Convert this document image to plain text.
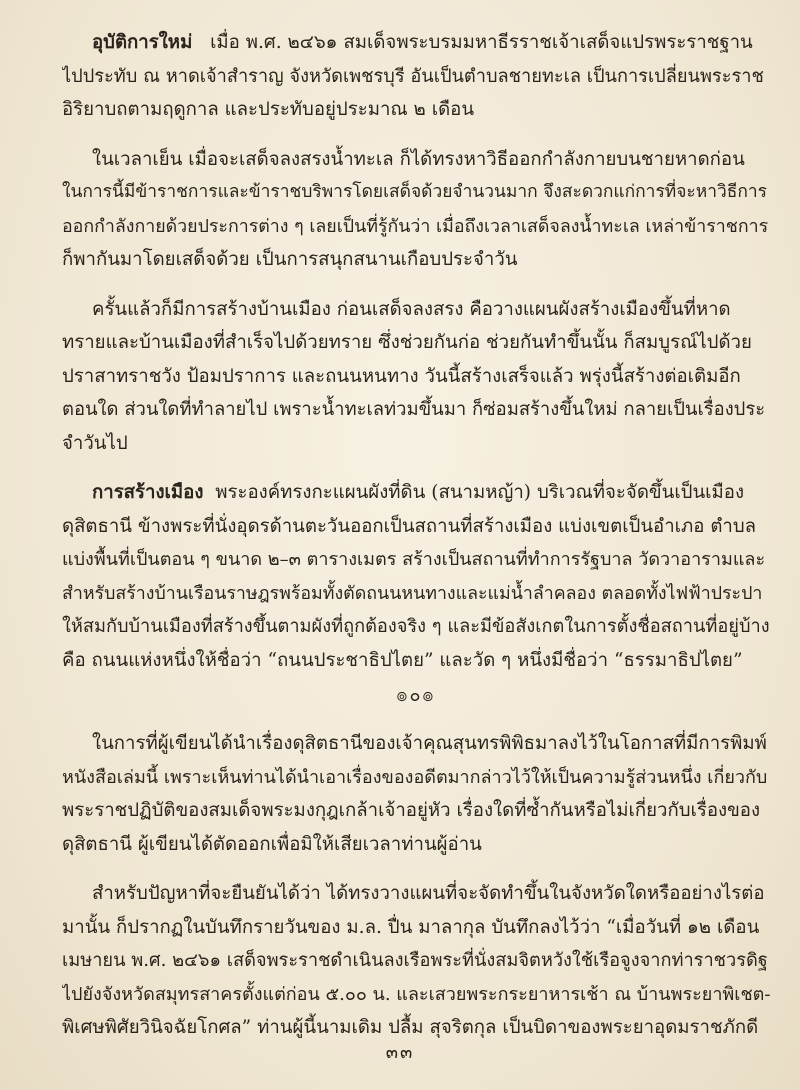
อุบัติการใหม่ เมื่อ พ.ศ. ๒๔๖๑ สมเด็จพระบรมมหาธีรราชเจ้าเสด็จแปรพระราชฐาน
ไปประทับ ณ หาดเจ้าสำราญ จังหวัดเพชรบุรี อันเป็นตำบลชายทะเล เป็นการเปลี่ยนพระราช
อิริยาบถตามฤดูกาล และประทับอยู่ประมาณ ๒ เดือน

ในเวลาเย็น เมื่อจะเสด็จลงสรงน้ำทะเล ก็ได้ทรงหาวิธีออกกำลังกายบนชายหาดก่อน
ในการนี้มีข้าราชการและข้าราชบริพารโดยเสด็จด้วยจำนวนมาก จึงสะดวกแก่การที่จะหาวิธีการ
ออกกำลังกายด้วยประการต่าง ๆ เลยเป็นที่รู้กันว่า เมื่อถึงเวลาเสด็จลงน้ำทะเล เหล่าข้าราชการ
ก็พากันมาโดยเสด็จด้วย เป็นการสนุกสนานเกือบประจำวัน

ครั้นแล้วก็มีการสร้างบ้านเมือง ก่อนเสด็จลงสรง คือวางแผนผังสร้างเมืองขึ้นที่หาด
ทรายและบ้านเมืองที่สำเร็จไปด้วยทราย ซึ่งช่วยกันก่อ ช่วยกันทำขึ้นนั้น ก็สมบูรณ์ไปด้วย
ปราสาทราชวัง ป้อมปราการ และถนนหนทาง วันนี้สร้างเสร็จแล้ว พรุ่งนี้สร้างต่อเติมอีก
ตอนใด ส่วนใดที่ทำลายไป เพราะน้ำทะเลท่วมขึ้นมา ก็ซ่อมสร้างขึ้นใหม่ กลายเป็นเรื่องประ
จำวันไป

การสร้างเมือง พระองค์ทรงกะแผนผังที่ดิน (สนามหญ้า) บริเวณที่จะจัดขึ้นเป็นเมือง
ดุสิตธานี ข้างพระที่นั่งอุดรด้านตะวันออกเป็นสถานที่สร้างเมือง แบ่งเขตเป็นอำเภอ ตำบล
แบ่งพื้นที่เป็นตอน ๆ ขนาด ๒–๓ ตารางเมตร สร้างเป็นสถานที่ทำการรัฐบาล วัดวาอารามและ
สำหรับสร้างบ้านเรือนราษฎรพร้อมทั้งตัดถนนหนทางและแม่น้ำลำคลอง ตลอดทั้งไฟฟ้าประปา
ให้สมกับบ้านเมืองที่สร้างขึ้นตามผังที่ถูกต้องจริง ๆ และมีข้อสังเกตในการตั้งชื่อสถานที่อยู่บ้าง
คือ ถนนแห่งหนึ่งให้ชื่อว่า “ถนนประชาธิปไตย” และวัด ๆ หนึ่งมีชื่อว่า “ธรรมาธิปไตย”

๏๐๏

ในการที่ผู้เขียนได้นำเรื่องดุสิตธานีของเจ้าคุณสุนทรพิพิธมาลงไว้ในโอกาสที่มีการพิมพ์
หนังสือเล่มนี้ เพราะเห็นท่านได้นำเอาเรื่องของอดีตมากล่าวไว้ให้เป็นความรู้ส่วนหนึ่ง เกี่ยวกับ
พระราชปฏิบัติของสมเด็จพระมงกุฎเกล้าเจ้าอยู่หัว เรื่องใดที่ซ้ำกันหรือไม่เกี่ยวกับเรื่องของ
ดุสิตธานี ผู้เขียนได้ตัดออกเพื่อมิให้เสียเวลาท่านผู้อ่าน

สำหรับปัญหาที่จะยืนยันได้ว่า ได้ทรงวางแผนที่จะจัดทำขึ้นในจังหวัดใดหรืออย่างไรต่อ
มานั้น ก็ปรากฏในบันทึกรายวันของ ม.ล. ปื่น มาลากุล บันทึกลงไว้ว่า “เมื่อวันที่ ๑๒ เดือน
เมษายน พ.ศ. ๒๔๖๑ เสด็จพระราชดำเนินลงเรือพระที่นั่งสมจิตหวังใช้เรือจูงจากท่าราชวรดิฐ
ไปยังจังหวัดสมุทรสาครตั้งแต่ก่อน ๕.๐๐ น. และเสวยพระกระยาหารเช้า ณ บ้านพระยาพิเชต-
พิเศษพิศัยวินิจฉัยโกศล” ท่านผู้นี้นามเดิม ปลื้ม สุจริตกุล เป็นบิดาของพระยาอุดมราชภักดี

๓๓
